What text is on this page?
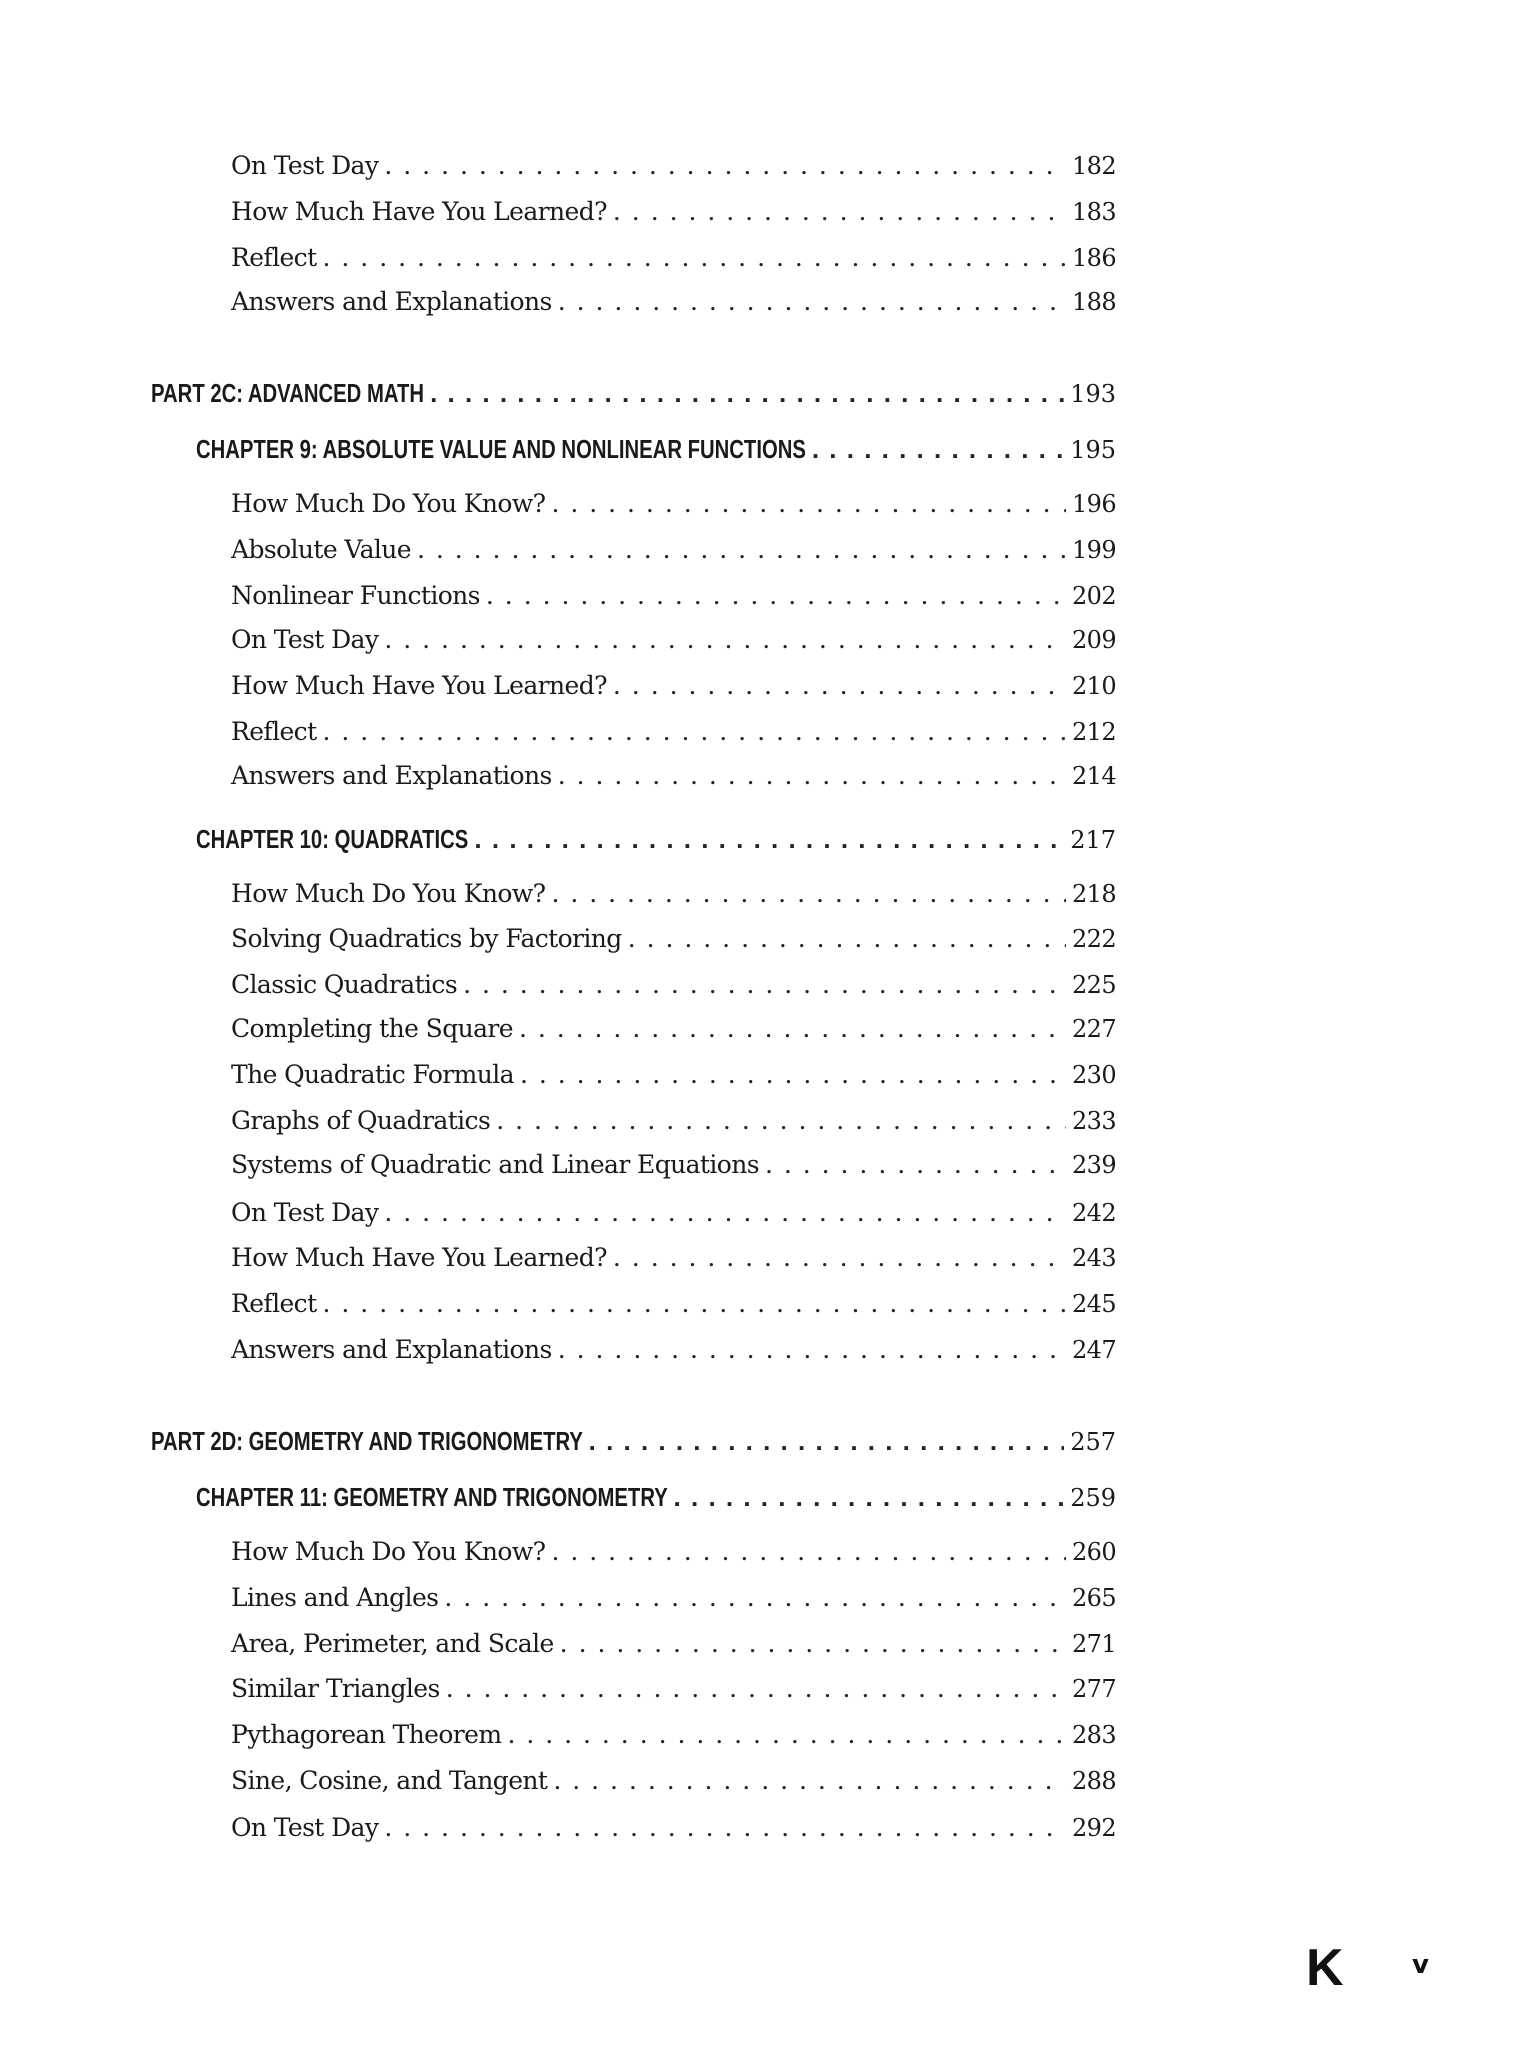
On Test Day . . .	182
How Much Have You Learned? . . .	183
Reflect . . .	186
Answers and Explanations . . .	188
PART 2C: ADVANCED MATH . . .	193
CHAPTER 9: ABSOLUTE VALUE AND NONLINEAR FUNCTIONS . . .	195
How Much Do You Know? . . .	196
Absolute Value . . .	199
Nonlinear Functions . . .	202
On Test Day . . .	209
How Much Have You Learned? . . .	210
Reflect . . .	212
Answers and Explanations . . .	214
CHAPTER 10: QUADRATICS . . .	217
How Much Do You Know? . . .	218
Solving Quadratics by Factoring . . .	222
Classic Quadratics . . .	225
Completing the Square . . .	227
The Quadratic Formula . . .	230
Graphs of Quadratics . . .	233
Systems of Quadratic and Linear Equations . . .	239
On Test Day . . .	242
How Much Have You Learned? . . .	243
Reflect . . .	245
Answers and Explanations . . .	247
PART 2D: GEOMETRY AND TRIGONOMETRY . . .	257
CHAPTER 11: GEOMETRY AND TRIGONOMETRY . . .	259
How Much Do You Know? . . .	260
Lines and Angles . . .	265
Area, Perimeter, and Scale . . .	271
Similar Triangles . . .	277
Pythagorean Theorem . . .	283
Sine, Cosine, and Tangent . . .	288
On Test Day . . .	292
K	v
